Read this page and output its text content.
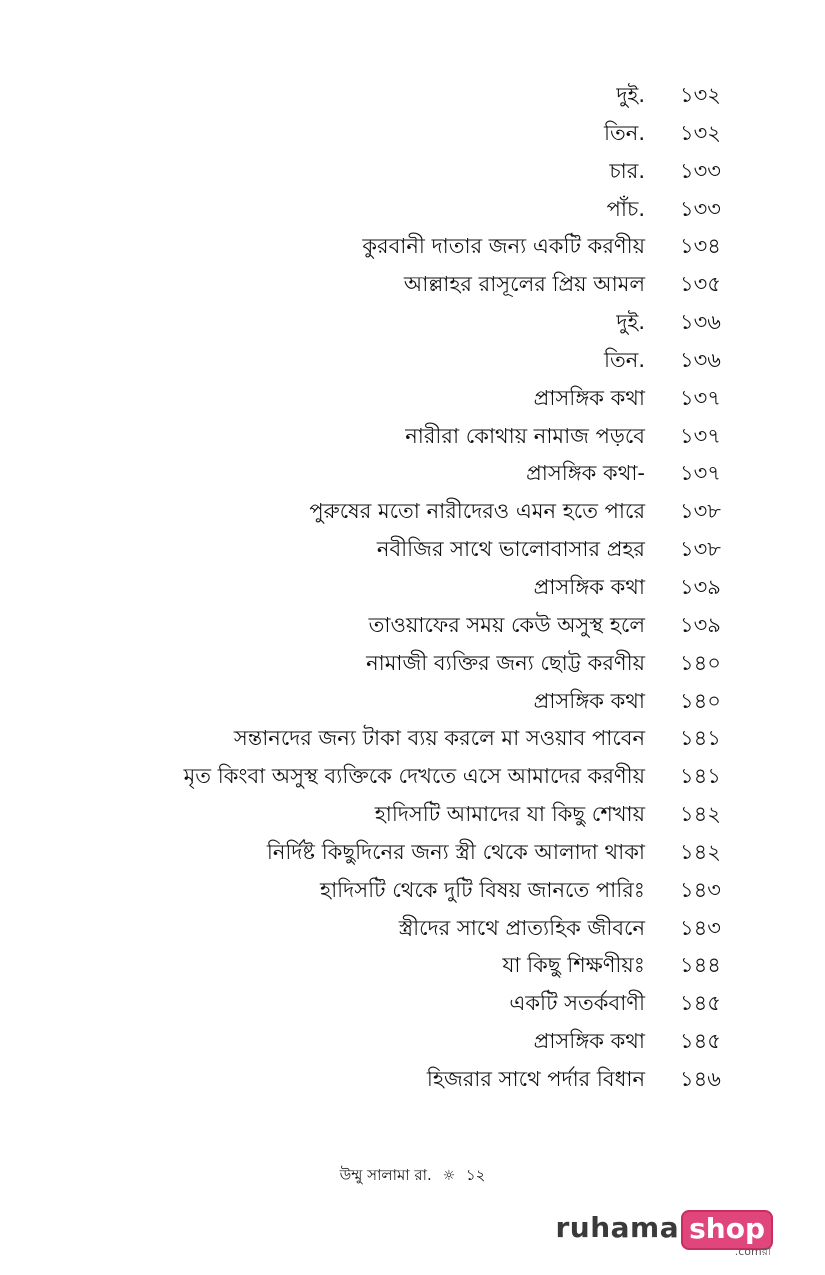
দুই. ১৩২
তিন. ১৩২
চার. ১৩৩
পাঁচ. ১৩৩
কুরবানী দাতার জন্য একটি করণীয় ১৩৪
আল্লাহর রাসূলের প্রিয় আমল ১৩৫
দুই. ১৩৬
তিন. ১৩৬
প্রাসঙ্গিক কথা ১৩৭
নারীরা কোথায় নামাজ পড়বে ১৩৭
প্রাসঙ্গিক কথা- ১৩৭
পুরুষের মতো নারীদেরও এমন হতে পারে ১৩৮
নবীজির সাথে ভালোবাসার প্রহর ১৩৮
প্রাসঙ্গিক কথা ১৩৯
তাওয়াফের সময় কেউ অসুস্থ হলে ১৩৯
নামাজী ব্যক্তির জন্য ছোট্ট করণীয় ১৪০
প্রাসঙ্গিক কথা ১৪০
সন্তানদের জন্য টাকা ব্যয় করলে মা সওয়াব পাবেন ১৪১
মৃত কিংবা অসুস্থ ব্যক্তিকে দেখতে এসে আমাদের করণীয় ১৪১
হাদিসটি আমাদের যা কিছু শেখায় ১৪২
নির্দিষ্ট কিছুদিনের জন্য স্ত্রী থেকে আলাদা থাকা ১৪২
হাদিসটি থেকে দুটি বিষয় জানতে পারিঃ ১৪৩
স্ত্রীদের সাথে প্রাত্যহিক জীবনে ১৪৩
যা কিছু শিক্ষণীয়ঃ ১৪৪
একটি সতর্কবাণী ১৪৫
প্রাসঙ্গিক কথা ১৪৫
হিজরার সাথে পর্দার বিধান ১৪৬
উম্মু সালামা রা. ☼ ১২
ruhama shop
.comরা
